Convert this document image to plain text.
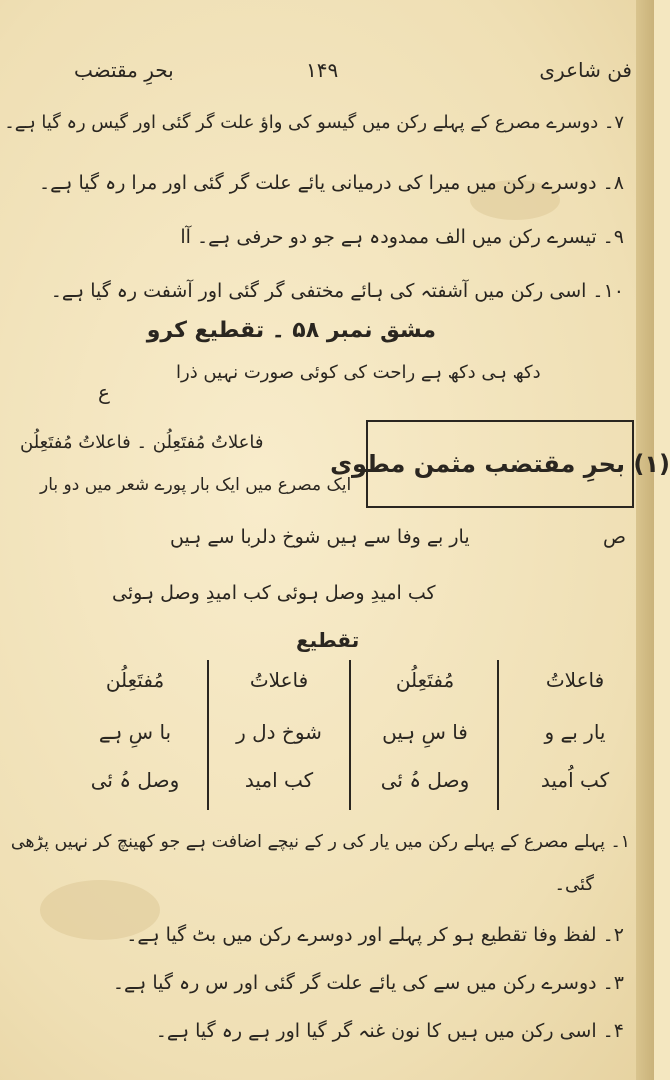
فن شاعری
۱۴۹
بحرِ مقتضب
۷۔ دوسرے مصرع کے پہلے رکن میں گیسو کی واؤ علت گر گئی اور گیس رہ گیا ہے۔
۸۔ دوسرے رکن میں میرا کی درمیانی یائے علت گر گئی اور مرا رہ گیا ہے۔
۹۔ تیسرے رکن میں الف ممدودہ ہے جو دو حرفی ہے۔ آا
۱۰۔ اسی رکن میں آشفتہ کی ہائے مختفی گر گئی اور آشفت رہ گیا ہے۔
مشق نمبر ۵۸ ۔ تقطیع کرو
دکھ ہی دکھ ہے راحت کی کوئی صورت نہیں ذرا
ع
(۱) بحرِ مقتضب مثمن مطوی
فاعلاتُ مُفتَعِلُن ۔ فاعلاتُ مُفتَعِلُن
ایک مصرع میں ایک بار پورے شعر میں دو بار
ص
یار بے وفا سے ہیں شوخ دلربا سے ہیں
کب امیدِ وصل ہوئی کب امیدِ وصل ہوئی
تقطیع
فاعلاتُ
یار بے و
کب اُمید
مُفتَعِلُن
فا سِ ہیں
وصل ہُ ئی
فاعلاتُ
شوخ دل ر
کب امید
مُفتَعِلُن
با سِ ہے
وصل ہُ ئی
۱۔ پہلے مصرع کے پہلے رکن میں یار کی ر کے نیچے اضافت ہے جو کھینچ کر نہیں پڑھی
گئی۔
۲۔ لفظ وفا تقطیع ہو کر پہلے اور دوسرے رکن میں بٹ گیا ہے۔
۳۔ دوسرے رکن میں سے کی یائے علت گر گئی اور س رہ گیا ہے۔
۴۔ اسی رکن میں ہیں کا نون غنہ گر گیا اور ہے رہ گیا ہے۔
